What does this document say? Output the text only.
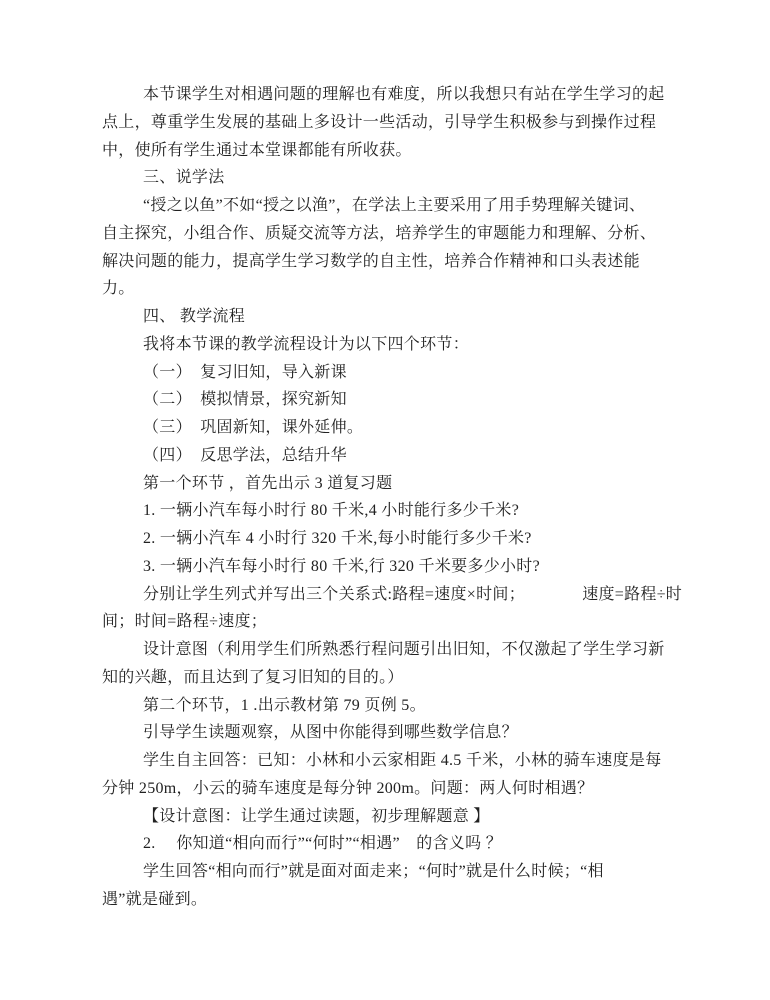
本节课学生对相遇问题的理解也有难度，所以我想只有站在学生学习的起
点上，尊重学生发展的基础上多设计一些活动，引导学生积极参与到操作过程
中，使所有学生通过本堂课都能有所收获。
三、说学法
“授之以鱼”不如“授之以渔”，在学法上主要采用了用手势理解关键词、
自主探究，小组合作、质疑交流等方法，培养学生的审题能力和理解、分析、
解决问题的能力，提高学生学习数学的自主性，培养合作精神和口头表述能
力。
四、 教学流程
我将本节课的教学流程设计为以下四个环节：
（一）　复习旧知，导入新课
（二）　模拟情景，探究新知
（三）　巩固新知，课外延伸。
（四）　反思学法，总结升华
第一个环节 ，首先出示 3 道复习题
1. 一辆小汽车每小时行 80 千米,4 小时能行多少千米?
2. 一辆小汽车 4 小时行 320 千米,每小时能行多少千米?
3. 一辆小汽车每小时行 80 千米,行 320 千米要多少小时?
分别让学生列式并写出三个关系式:路程=速度×时间；　　　　速度=路程÷时
间；时间=路程÷速度；
设计意图（利用学生们所熟悉行程问题引出旧知，不仅激起了学生学习新
知的兴趣，而且达到了复习旧知的目的。）
第二个环节，1 .出示教材第 79 页例 5。
引导学生读题观察，从图中你能得到哪些数学信息？
学生自主回答：已知：小林和小云家相距 4.5 千米，小林的骑车速度是每
分钟 250m，小云的骑车速度是每分钟 200m。问题：两人何时相遇？
【设计意图：让学生通过读题，初步理解题意 】
2.　 你知道“相向而行”“何时”“相遇”　的含义吗 ？
学生回答“相向而行”就是面对面走来；“何时”就是什么时候；“相
遇”就是碰到。
